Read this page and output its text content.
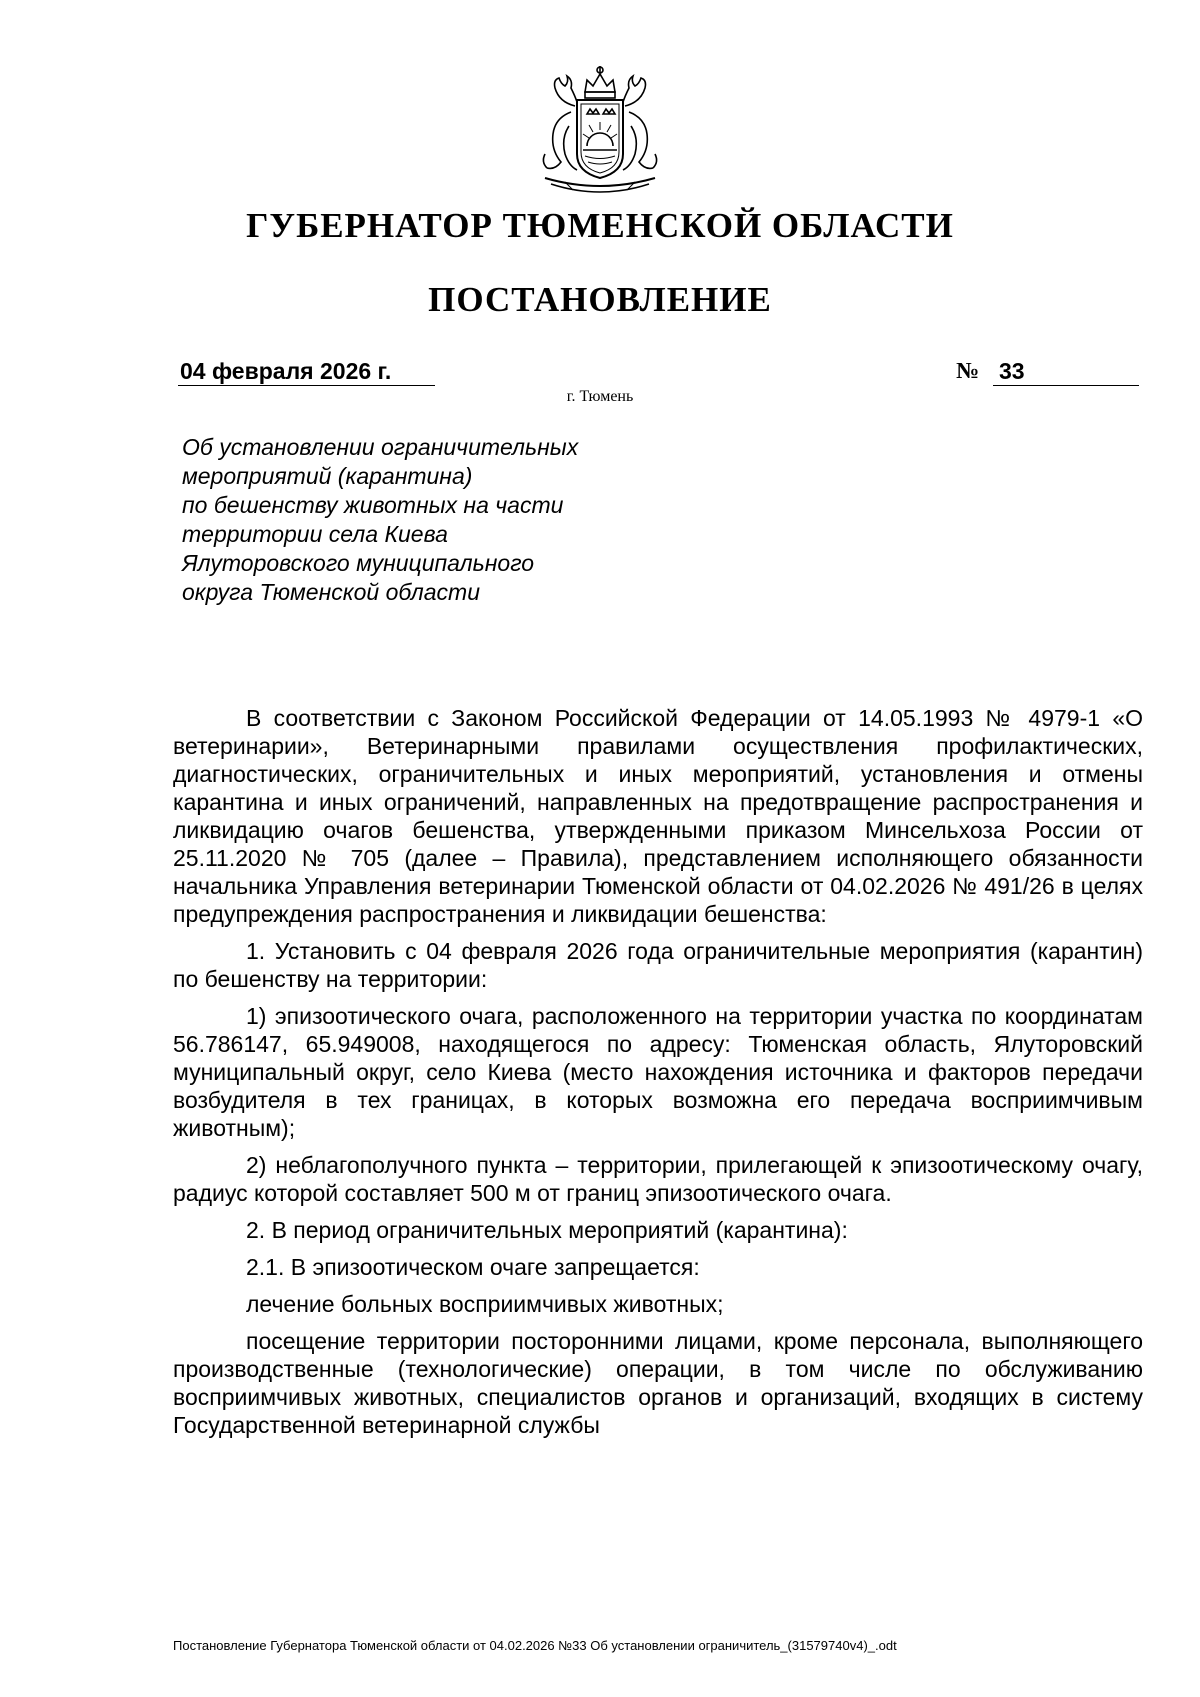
ГУБЕРНАТОР ТЮМЕНСКОЙ ОБЛАСТИ
ПОСТАНОВЛЕНИЕ
04 февраля 2026 г.	№ 33
г. Тюмень
Об установлении ограничительных
мероприятий (карантина)
по бешенству животных на части
территории села Киева
Ялуторовского муниципального
округа Тюменской области

В соответствии с Законом Российской Федерации от 14.05.1993 № 4979-1 «О ветеринарии», Ветеринарными правилами осуществления профилактических, диагностических, ограничительных и иных мероприятий, установления и отмены карантина и иных ограничений, направленных на предотвращение распространения и ликвидацию очагов бешенства, утвержденными приказом Минсельхоза России от 25.11.2020 № 705 (далее – Правила), представлением исполняющего обязанности начальника Управления ветеринарии Тюменской области от 04.02.2026 № 491/26 в целях предупреждения распространения и ликвидации бешенства:

1. Установить с 04 февраля 2026 года ограничительные мероприятия (карантин) по бешенству на территории:

1) эпизоотического очага, расположенного на территории участка по координатам 56.786147, 65.949008, находящегося по адресу: Тюменская область, Ялуторовский муниципальный округ, село Киева (место нахождения источника и факторов передачи возбудителя в тех границах, в которых возможна его передача восприимчивым животным);

2) неблагополучного пункта – территории, прилегающей к эпизоотическому очагу, радиус которой составляет 500 м от границ эпизоотического очага.

2. В период ограничительных мероприятий (карантина):

2.1. В эпизоотическом очаге запрещается:

лечение больных восприимчивых животных;

посещение территории посторонними лицами, кроме персонала, выполняющего производственные (технологические) операции, в том числе по обслуживанию восприимчивых животных, специалистов органов и организаций, входящих в систему Государственной ветеринарной службы

Постановление Губернатора Тюменской области от 04.02.2026 №33 Об установлении ограничитель_(31579740v4)_.odt
